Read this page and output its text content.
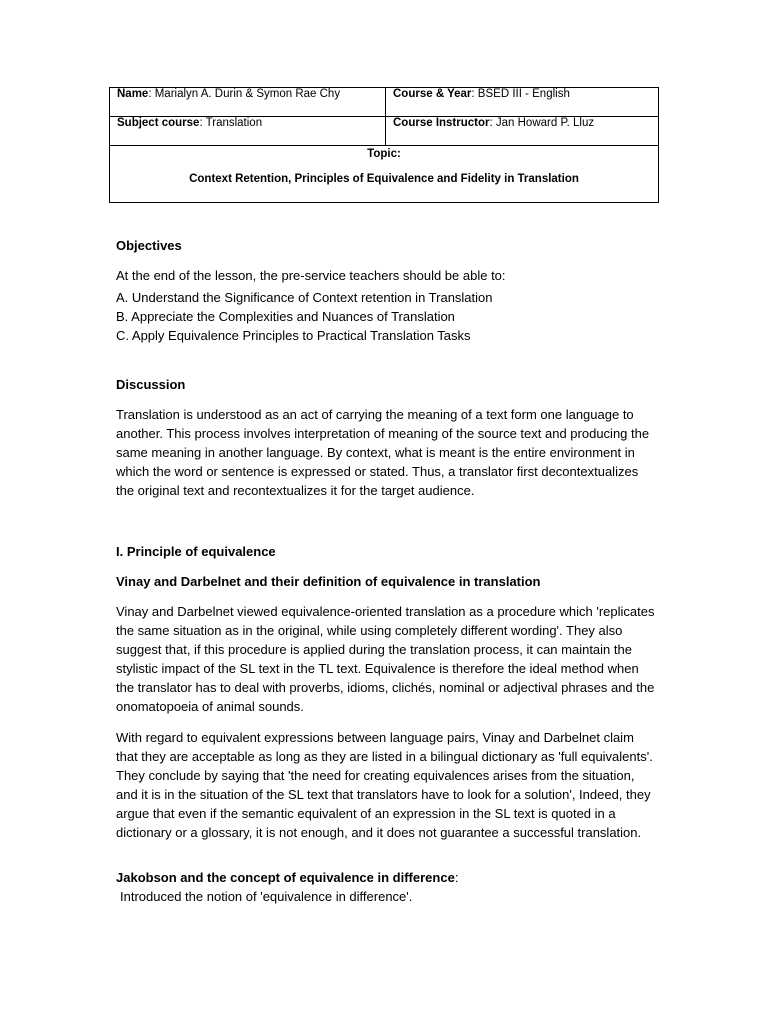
Name: Marialyn A. Durin & Symon Rae Chy	Course & Year: BSED III - English
Subject course: Translation	Course Instructor: Jan Howard P. Lluz

Topic:
Context Retention, Principles of Equivalence and Fidelity in Translation	
Objectives

At the end of the lesson, the pre-service teachers should be able to:

A. Understand the Significance of Context retention in Translation
B. Appreciate the Complexities and Nuances of Translation
C. Apply Equivalence Principles to Practical Translation Tasks
Discussion

Translation is understood as an act of carrying the meaning of a text form one language to another. This process involves interpretation of meaning of the source text and producing the same meaning in another language. By context, what is meant is the entire environment in which the word or sentence is expressed or stated. Thus, a translator first decontextualizes the original text and recontextualizes it for the target audience.

I. Principle of equivalence
Vinay and Darbelnet and their definition of equivalence in translation

Vinay and Darbelnet viewed equivalence-oriented translation as a procedure which 'replicates the same situation as in the original, while using completely different wording'. They also suggest that, if this procedure is applied during the translation process, it can maintain the stylistic impact of the SL text in the TL text. Equivalence is therefore the ideal method when the translator has to deal with proverbs, idioms, clichés, nominal or adjectival phrases and the onomatopoeia of animal sounds.

With regard to equivalent expressions between language pairs, Vinay and Darbelnet claim that they are acceptable as long as they are listed in a bilingual dictionary as 'full equivalents'. They conclude by saying that 'the need for creating equivalences arises from the situation, and it is in the situation of the SL text that translators have to look for a solution', Indeed, they argue that even if the semantic equivalent of an expression in the SL text is quoted in a dictionary or a glossary, it is not enough, and it does not guarantee a successful translation.

Jakobson and the concept of equivalence in difference:

Introduced the notion of 'equivalence in difference'.
